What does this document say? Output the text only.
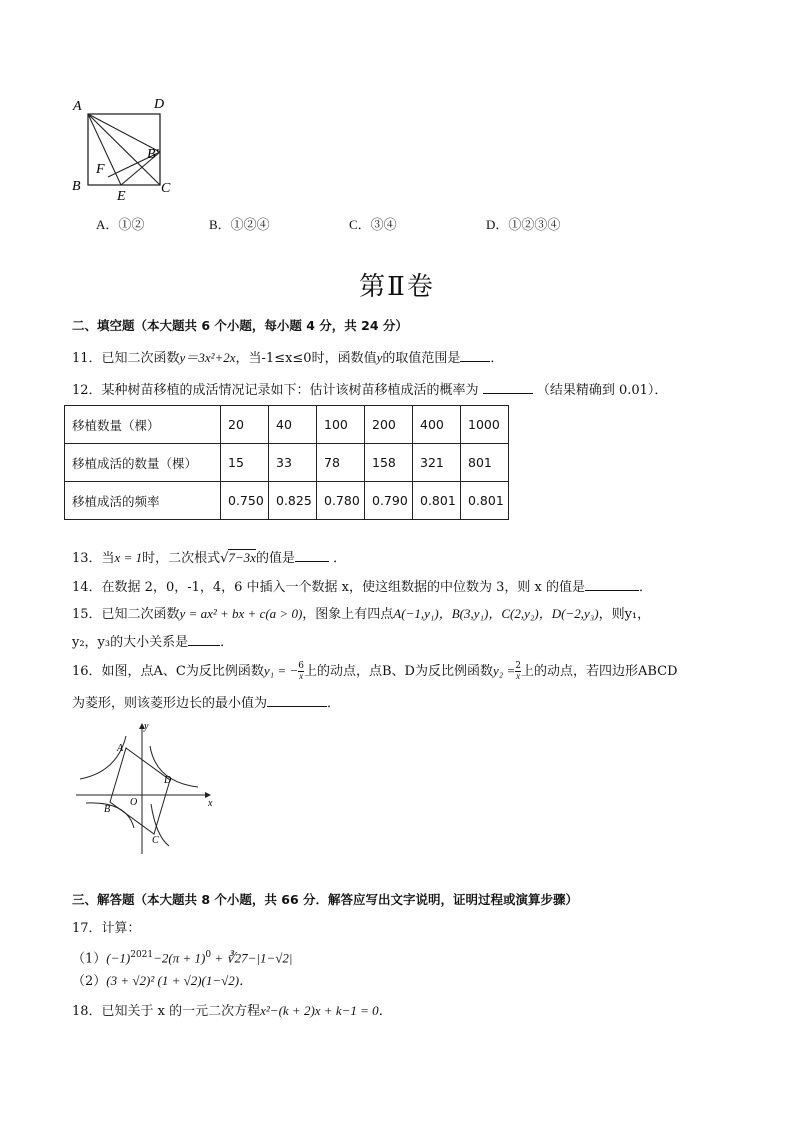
A	D
B′
F
B
E
C
A．①②	B．①②④	C．③④	D．①②③④
第Ⅱ卷
二、填空题（本大题共 6 个小题，每小题 4 分，共 24 分）
11．已知二次函数y＝3x²+2x，当-1≤x≤0时，函数值y的取值范围是 ．
12．某种树苗移植的成活情况记录如下：估计该树苗移植成活的概率为	（结果精确到 0.01）．
移植数量（棵）	20	40	100	200	400	1000
移植成活的数量（棵）	15	33	78	158	321	801
移植成活的频率	0.750	0.825	0.780	0.790	0.801	0.801
13．当x = 1时，二次根式√7−3x的值是	．
14．在数据 2，0，-1，4，6 中插入一个数据 x，使这组数据的中位数为 3，则 x 的值是	．
15．已知二次函数y = ax² + bx + c(a > 0)，图象上有四点A(−1,y₁)，B(3,y₁)，C(2,y₂)，D(−2,y₃)，则y₁，
y₂，y₃的大小关系是 ．
16．如图，点A、C为反比例函数y₁ = − $\frac{6}{x}$ 上的动点，点B、D为反比例函数$y_2 = \frac{2}{x}$ 上的动点，若四边形ABCD
为菱形，则该菱形边长的最小值为	．
y
x
O
A
B
C
D
三、解答题（本大题共 8 个小题，共 66 分．解答应写出文字说明，证明过程或演算步骤）
17．计算：
$(1)(-1)^{2021}-2(\pi + 1)^0$ + ∛27−|1−√2|
（2）(3 + √2)² (1 + √2)(1−√2)．
18．已知关于 x 的一元二次方程x²−(k + 2)x + k−1 = 0．
